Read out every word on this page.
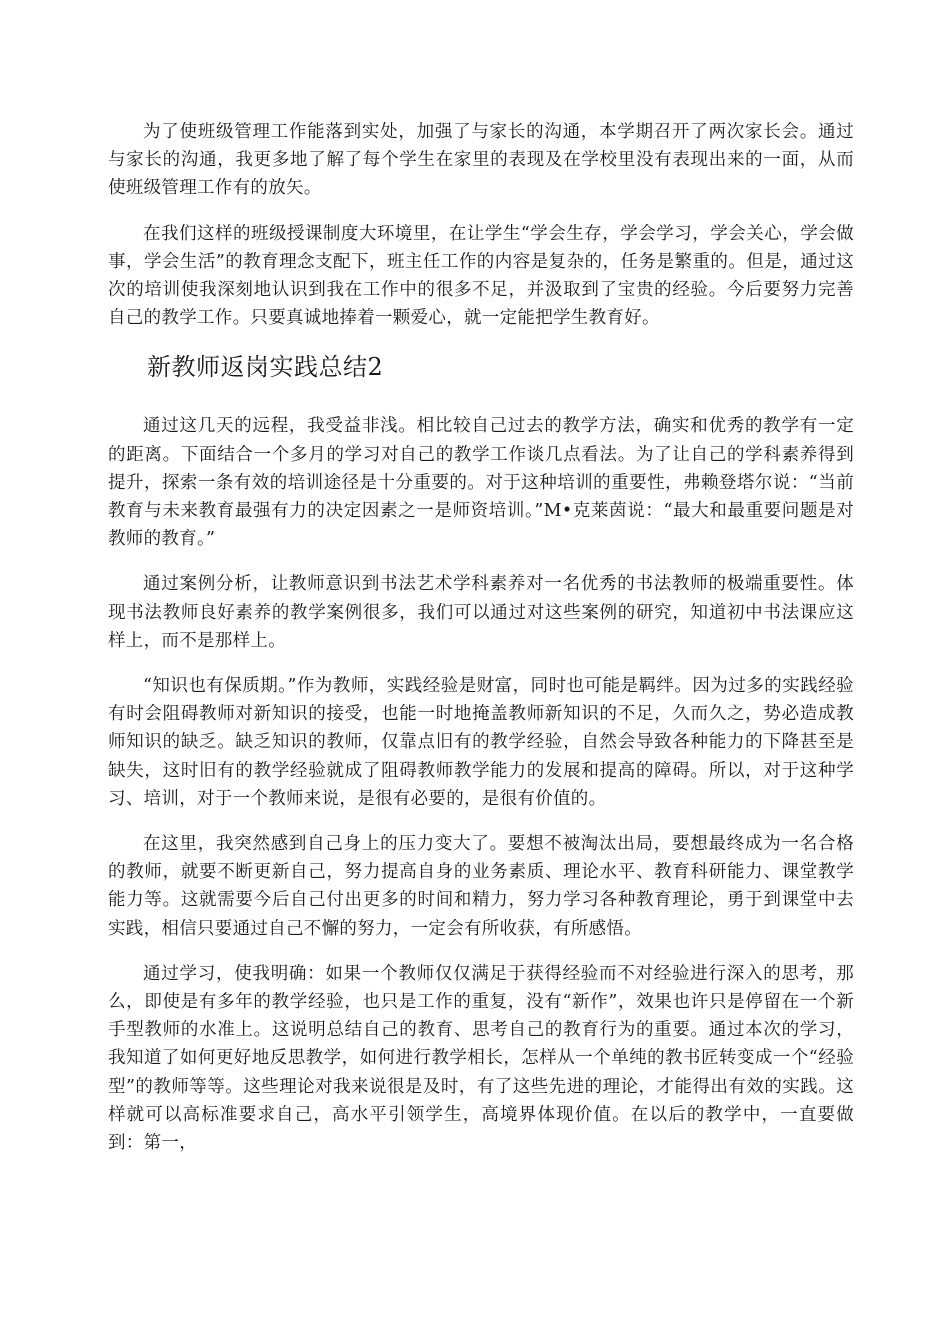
为了使班级管理工作能落到实处，加强了与家长的沟通，本学期召开了两次家长会。通过与家长的沟通，我更多地了解了每个学生在家里的表现及在学校里没有表现出来的一面，从而使班级管理工作有的放矢。

在我们这样的班级授课制度大环境里，在让学生“学会生存，学会学习，学会关心，学会做事，学会生活”的教育理念支配下，班主任工作的内容是复杂的，任务是繁重的。但是，通过这次的培训使我深刻地认识到我在工作中的很多不足，并汲取到了宝贵的经验。今后要努力完善自己的教学工作。只要真诚地捧着一颗爱心，就一定能把学生教育好。

新教师返岗实践总结2

通过这几天的远程，我受益非浅。相比较自己过去的教学方法，确实和优秀的教学有一定的距离。下面结合一个多月的学习对自己的教学工作谈几点看法。为了让自己的学科素养得到提升，探索一条有效的培训途径是十分重要的。对于这种培训的重要性，弗赖登塔尔说：“当前教育与未来教育最强有力的决定因素之一是师资培训。”M•克莱茵说：“最大和最重要问题是对教师的教育。”

通过案例分析，让教师意识到书法艺术学科素养对一名优秀的书法教师的极端重要性。体现书法教师良好素养的教学案例很多，我们可以通过对这些案例的研究，知道初中书法课应这样上，而不是那样上。

“知识也有保质期。”作为教师，实践经验是财富，同时也可能是羁绊。因为过多的实践经验有时会阻碍教师对新知识的接受，也能一时地掩盖教师新知识的不足，久而久之，势必造成教师知识的缺乏。缺乏知识的教师，仅靠点旧有的教学经验，自然会导致各种能力的下降甚至是缺失，这时旧有的教学经验就成了阻碍教师教学能力的发展和提高的障碍。所以，对于这种学习、培训，对于一个教师来说，是很有必要的，是很有价值的。

在这里，我突然感到自己身上的压力变大了。要想不被淘汰出局，要想最终成为一名合格的教师，就要不断更新自己，努力提高自身的业务素质、理论水平、教育科研能力、课堂教学能力等。这就需要今后自己付出更多的时间和精力，努力学习各种教育理论，勇于到课堂中去实践，相信只要通过自己不懈的努力，一定会有所收获，有所感悟。

通过学习，使我明确：如果一个教师仅仅满足于获得经验而不对经验进行深入的思考，那么，即使是有多年的教学经验，也只是工作的重复，没有“新作”，效果也许只是停留在一个新手型教师的水准上。这说明总结自己的教育、思考自己的教育行为的重要。通过本次的学习，我知道了如何更好地反思教学，如何进行教学相长，怎样从一个单纯的教书匠转变成一个“经验型”的教师等等。这些理论对我来说很是及时，有了这些先进的理论，才能得出有效的实践。这样就可以高标准要求自己，高水平引领学生，高境界体现价值。在以后的教学中，一直要做到：第一，
